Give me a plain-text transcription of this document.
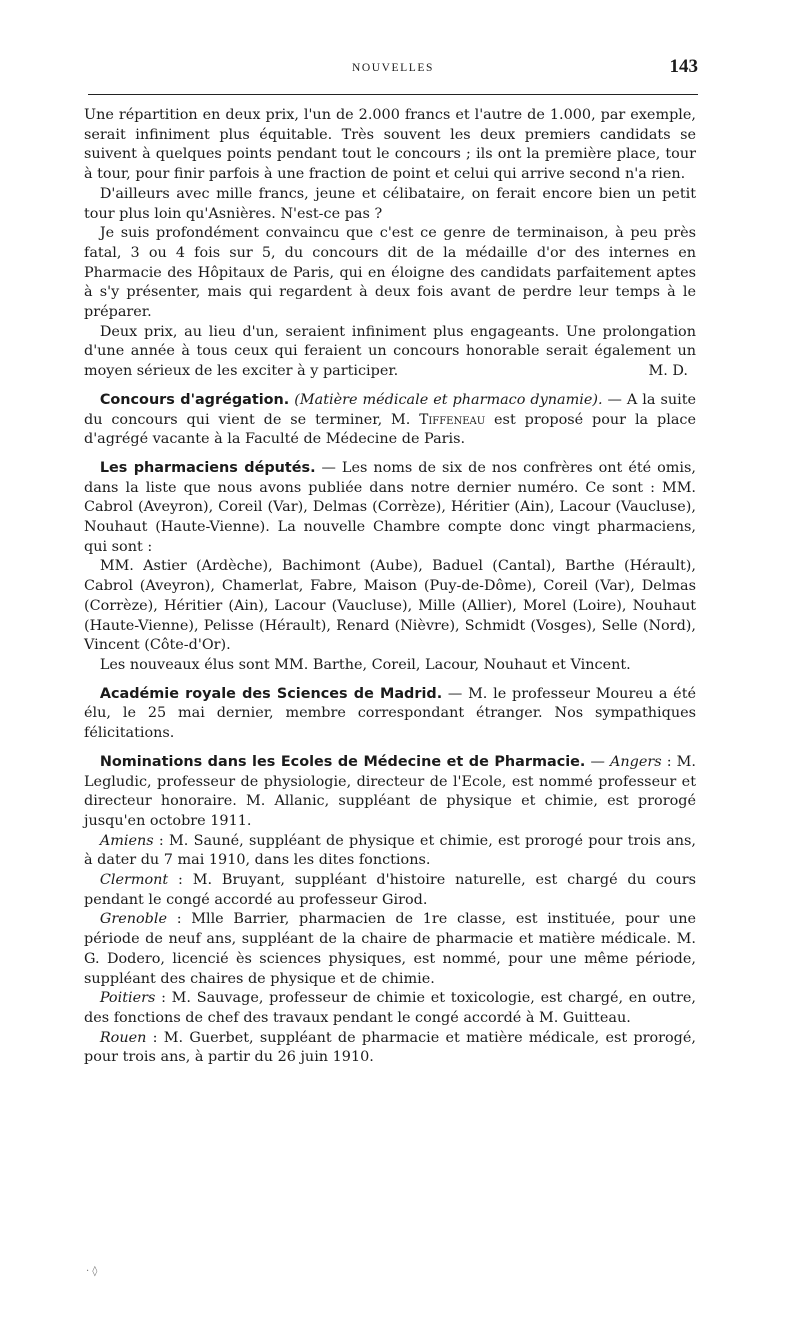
NOUVELLES	143

Une répartition en deux prix, l'un de 2.000 francs et l'autre de 1.000, par exemple, serait infiniment plus équitable. Très souvent les deux premiers candidats se suivent à quelques points pendant tout le concours ; ils ont la première place, tour à tour, pour finir parfois à une fraction de point et celui qui arrive second n'a rien.

D'ailleurs avec mille francs, jeune et célibataire, on ferait encore bien un petit tour plus loin qu'Asnières. N'est-ce pas ?

Je suis profondément convaincu que c'est ce genre de terminaison, à peu près fatal, 3 ou 4 fois sur 5, du concours dit de la médaille d'or des internes en Pharmacie des Hôpitaux de Paris, qui en éloigne des candidats parfaitement aptes à s'y présenter, mais qui regardent à deux fois avant de perdre leur temps à le préparer.

Deux prix, au lieu d'un, seraient infiniment plus engageants. Une prolongation d'une année à tous ceux qui feraient un concours honorable serait également un moyen sérieux de les exciter à y participer.	M. D.

Concours d'agrégation. (Matière médicale et pharmaco dynamie). — A la suite du concours qui vient de se terminer, M. Tiffeneau est proposé pour la place d'agrégé vacante à la Faculté de Médecine de Paris.

Les pharmaciens députés. — Les noms de six de nos confrères ont été omis, dans la liste que nous avons publiée dans notre dernier numéro. Ce sont : MM. Cabrol (Aveyron), Coreil (Var), Delmas (Corrèze), Héritier (Ain), Lacour (Vaucluse), Nouhaut (Haute-Vienne). La nouvelle Chambre compte donc vingt pharmaciens, qui sont :

MM. Astier (Ardèche), Bachimont (Aube), Baduel (Cantal), Barthe (Hérault), Cabrol (Aveyron), Chamerlat, Fabre, Maison (Puy-de-Dôme), Coreil (Var), Delmas (Corrèze), Héritier (Ain), Lacour (Vaucluse), Mille (Allier), Morel (Loire), Nouhaut (Haute-Vienne), Pelisse (Hérault), Renard (Nièvre), Schmidt (Vosges), Selle (Nord), Vincent (Côte-d'Or).

Les nouveaux élus sont MM. Barthe, Coreil, Lacour, Nouhaut et Vincent.

Académie royale des Sciences de Madrid. — M. le professeur Moureu a été élu, le 25 mai dernier, membre correspondant étranger. Nos sympathiques félicitations.

Nominations dans les Ecoles de Médecine et de Pharmacie. — Angers : M. Legludic, professeur de physiologie, directeur de l'Ecole, est nommé professeur et directeur honoraire. M. Allanic, suppléant de physique et chimie, est prorogé jusqu'en octobre 1911.

Amiens : M. Sauné, suppléant de physique et chimie, est prorogé pour trois ans, à dater du 7 mai 1910, dans les dites fonctions.

Clermont : M. Bruyant, suppléant d'histoire naturelle, est chargé du cours pendant le congé accordé au professeur Girod.

Grenoble : Mlle Barrier, pharmacien de 1re classe, est instituée, pour une période de neuf ans, suppléant de la chaire de pharmacie et matière médicale. M. G. Dodero, licencié ès sciences physiques, est nommé, pour une même période, suppléant des chaires de physique et de chimie.

Poitiers : M. Sauvage, professeur de chimie et toxicologie, est chargé, en outre, des fonctions de chef des travaux pendant le congé accordé à M. Guitteau.

Rouen : M. Guerbet, suppléant de pharmacie et matière médicale, est prorogé, pour trois ans, à partir du 26 juin 1910.

· ◊
